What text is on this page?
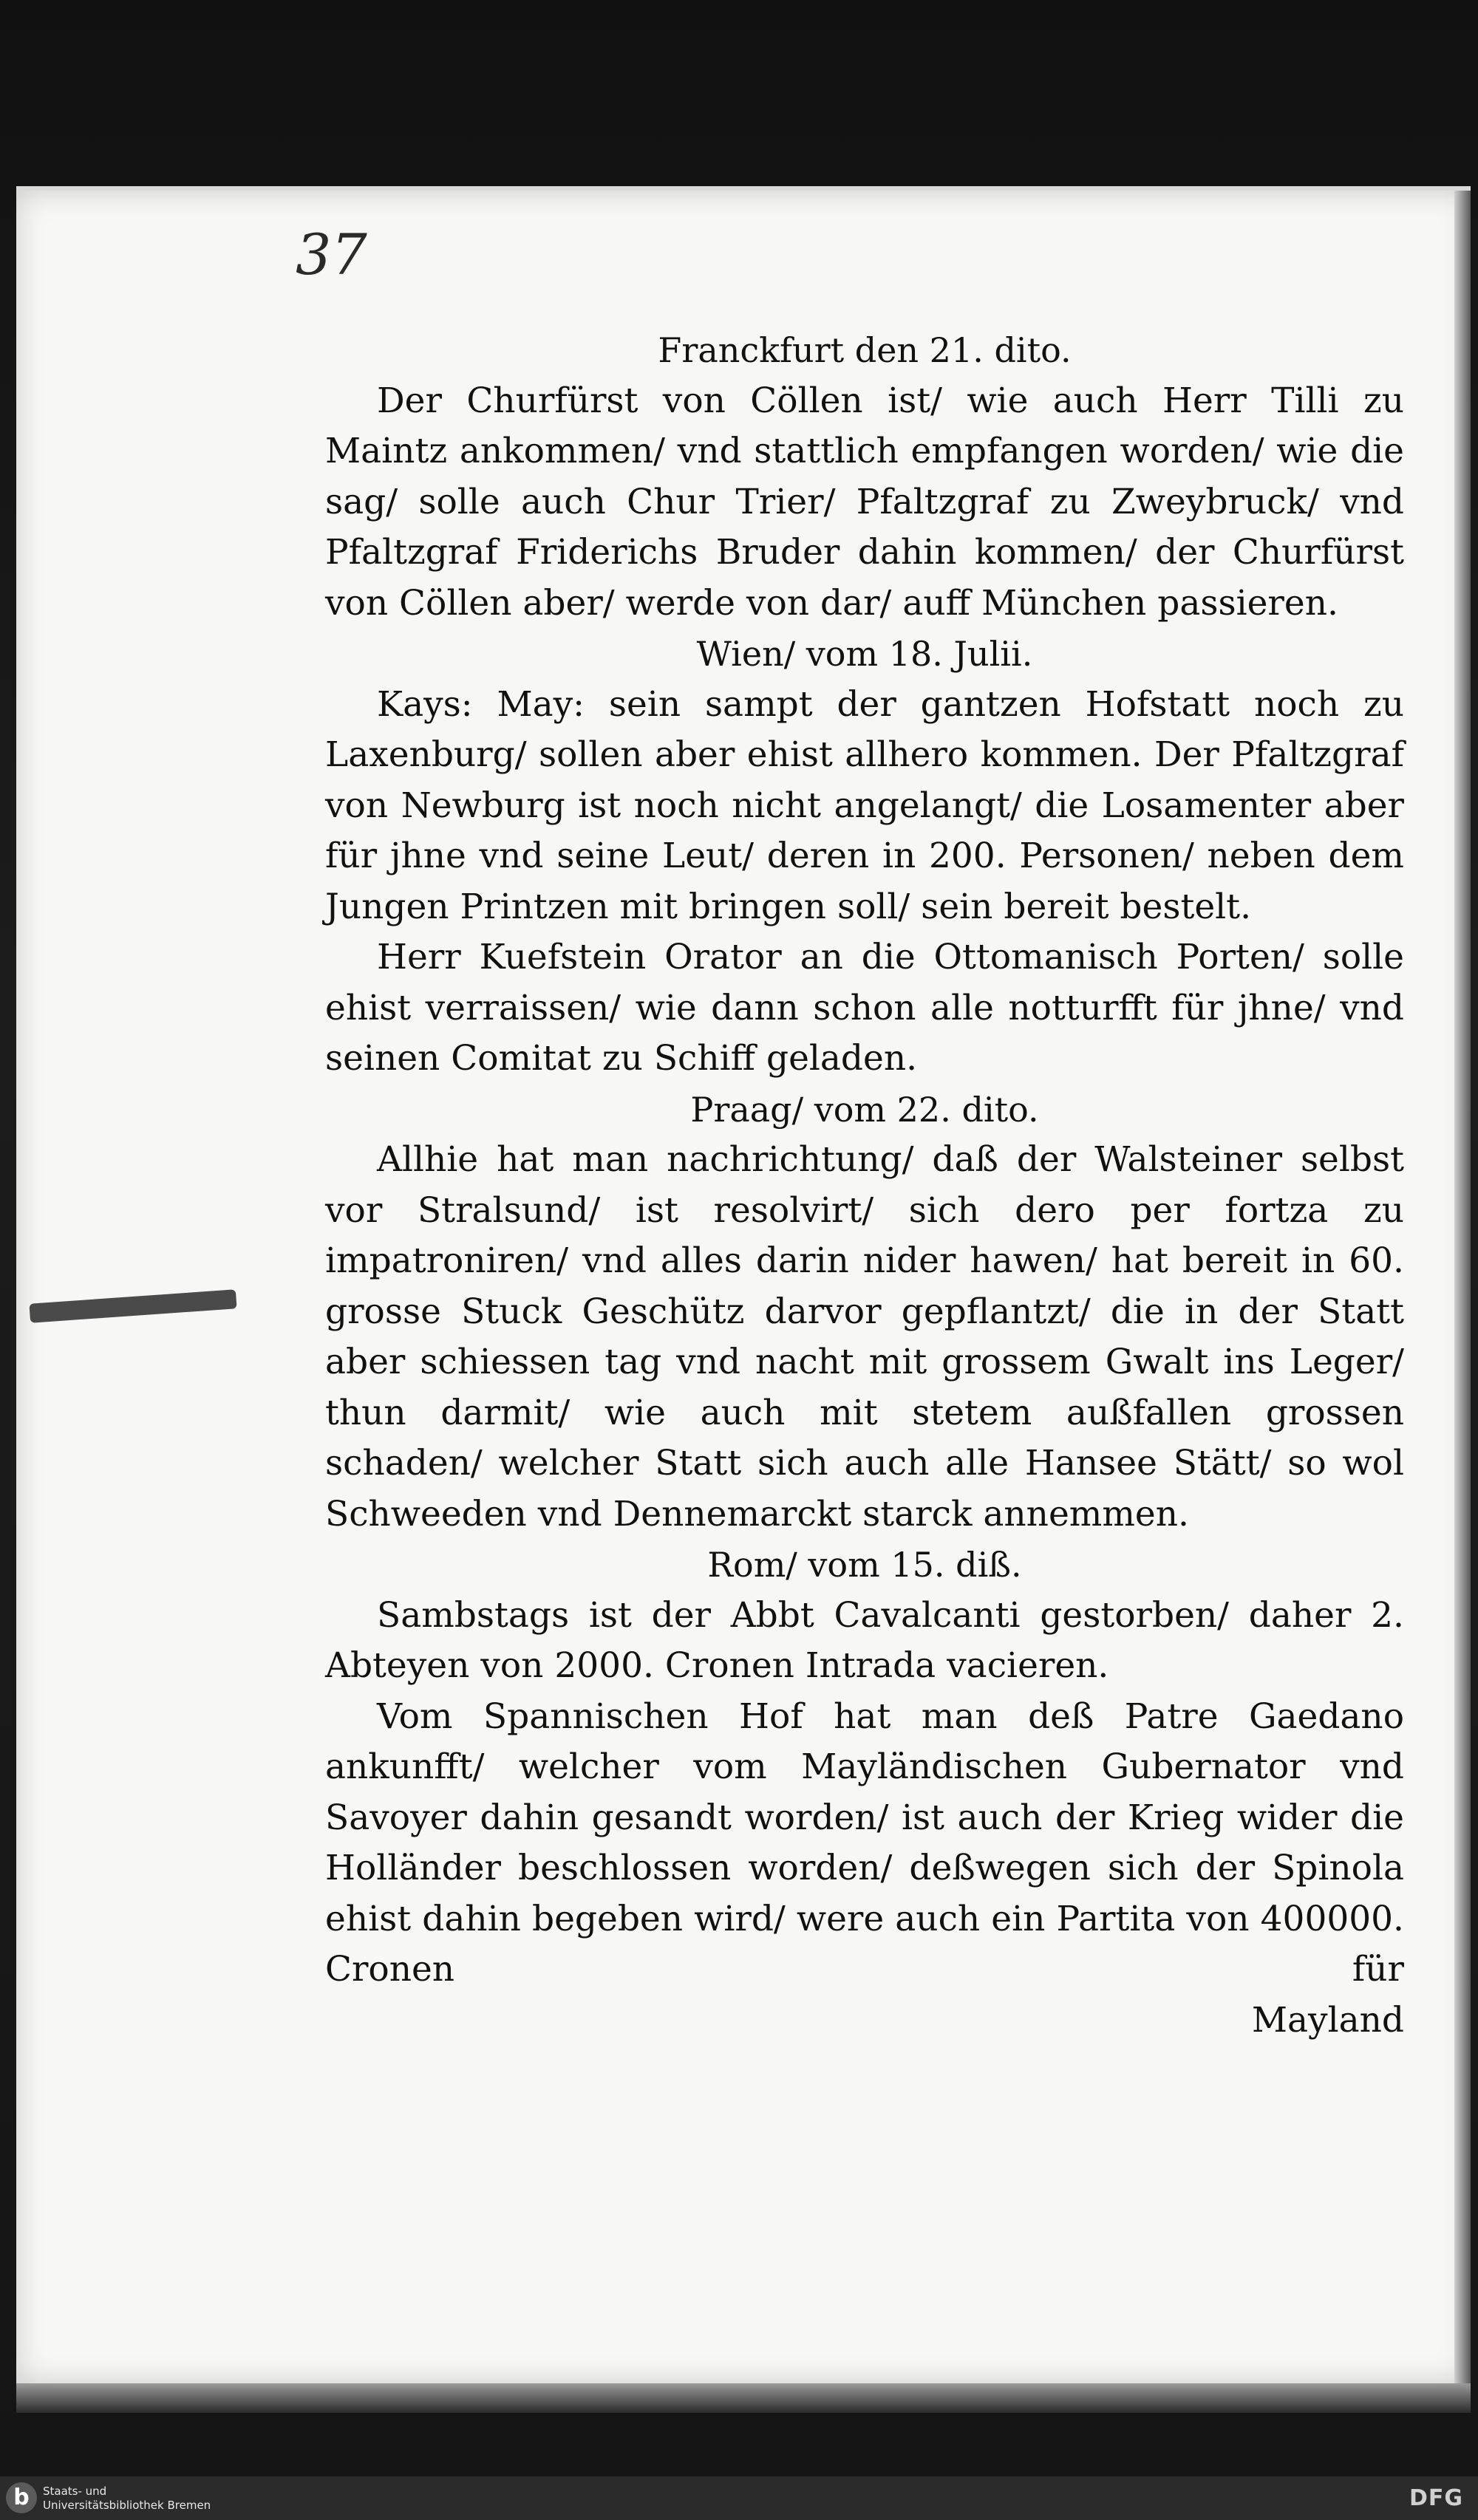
37
Franckfurt den 21. dito.

Der Churfürst von Cöllen ist/ wie auch Herr Tilli zu Maintz ankommen/ vnd stattlich empfangen worden/ wie die sag/ solle auch Chur Trier/ Pfaltzgraf zu Zweybruck/ vnd Pfaltzgraf Friderichs Bruder dahin kommen/ der Churfürst von Cöllen aber/ werde von dar/ auff München passieren.

Wien/ vom 18. Julii.

Kays: May: sein sampt der gantzen Hofstatt noch zu Laxenburg/ sollen aber ehist allhero kommen. Der Pfaltzgraf von Newburg ist noch nicht angelangt/ die Losamenter aber für jhne vnd seine Leut/ deren in 200. Personen/ neben dem Jungen Printzen mit bringen soll/ sein bereit bestelt.

Herr Kuefstein Orator an die Ottomanisch Porten/ solle ehist verraissen/ wie dann schon alle notturfft für jhne/ vnd seinen Comitat zu Schiff geladen.

Praag/ vom 22. dito.

Allhie hat man nachrichtung/ daß der Walsteiner selbst vor Stralsund/ ist resolvirt/ sich dero per fortza zu impatroniren/ vnd alles darin nider hawen/ hat bereit in 60. grosse Stuck Geschütz darvor gepflantzt/ die in der Statt aber schiessen tag vnd nacht mit grossem Gwalt ins Leger/ thun darmit/ wie auch mit stetem außfallen grossen schaden/ welcher Statt sich auch alle Hansee Stätt/ so wol Schweeden vnd Dennemarckt starck annemmen.

Rom/ vom 15. diß.

Sambstags ist der Abbt Cavalcanti gestorben/ daher 2. Abteyen von 2000. Cronen Intrada vacieren.

Vom Spannischen Hof hat man deß Patre Gaedano ankunfft/ welcher vom Mayländischen Gubernator vnd Savoyer dahin gesandt worden/ ist auch der Krieg wider die Holländer beschlossen worden/ deßwegen sich der Spinola ehist dahin begeben wird/ were auch ein Partita von 400000. Cronen für

Mayland

b	Staats- und
Universitätsbibliothek Bremen	DFG
